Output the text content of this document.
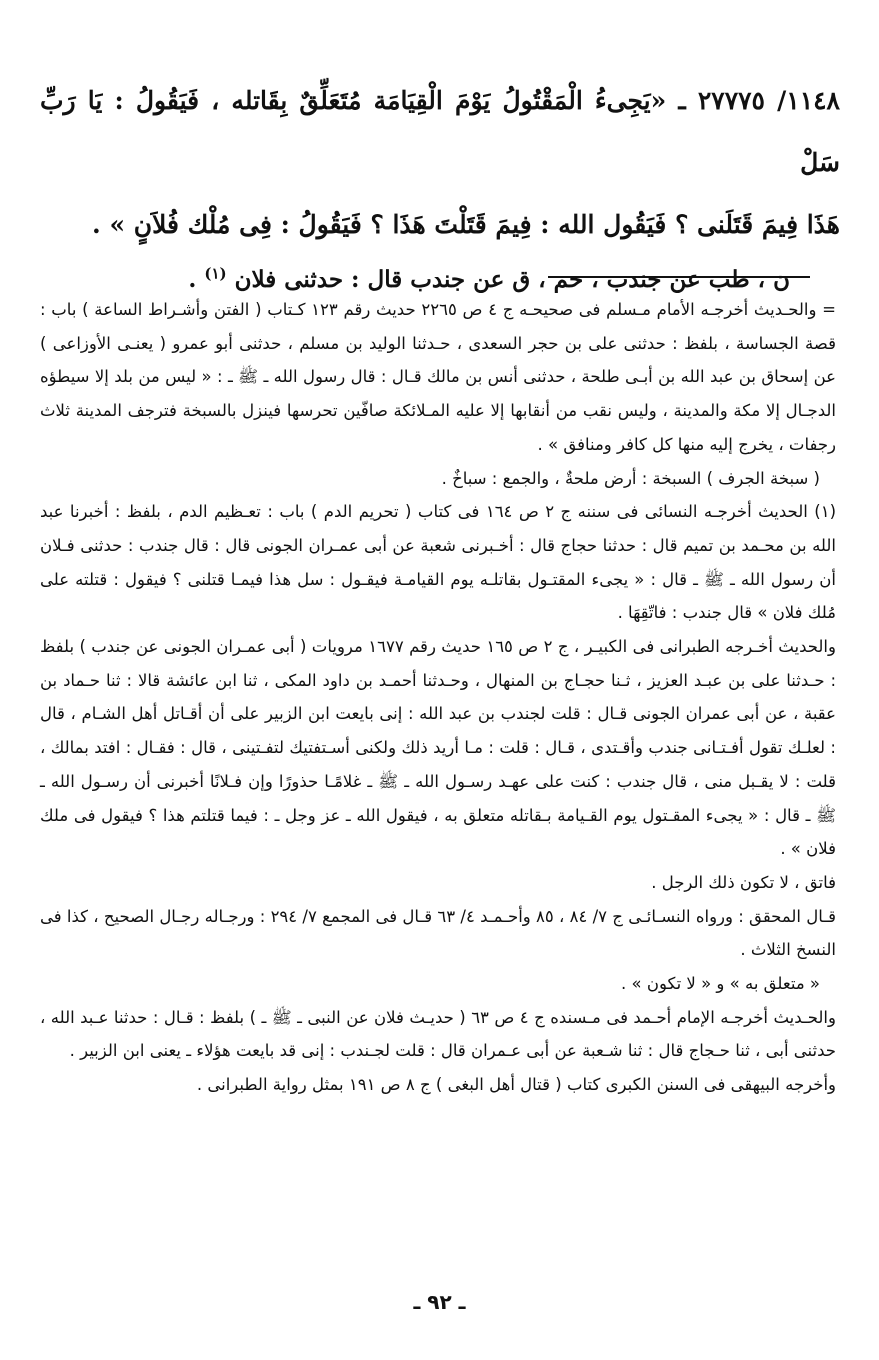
١١٤٨/ ٢٧٧٧٥ ـ «يَجِىءُ الْمَقْتُولُ يَوْمَ الْقِيَامَة مُتَعَلِّقٌ بِقَاتله ، فَيَقُولُ : يَا رَبِّ سَلْ

هَذَا فِيمَ قَتَلَنى ؟ فَيَقُول الله : فِيمَ قَتَلْتَ هَذَا ؟ فَيَقُولُ : فِى مُلْك فُلاَنٍ » .

ن ، طب عن جندب ، حم ، ق عن جندب قال : حدثنى فلان $^{(١)}$ .

= والحـديث أخرجـه الأمام مـسلم فى صحيحـه ج ٤ ص ٢٢٦٥ حديث رقم ١٢٣ كـتاب ( الفتن وأشـراط الساعة ) باب : قصة الجساسة ، بلفظ : حدثنى على بن حجر السعدى ، حـدثنا الوليد بن مسلم ، حدثنى أبو عمرو ( يعنـى الأوزاعى ) عن إسحاق بن عبد الله بن أبـى طلحة ، حدثنى أنس بن مالك قـال : قال رسول الله ـ ﷺ ـ : « ليس من بلد إلا سيطؤه الدجـال إلا مكة والمدينة ، وليس نقب من أنقابها إلا عليه المـلائكة صافّين تحرسها فينزل بالسبخة فترجف المدينة ثلاث رجفات ، يخرج إليه منها كل كافر ومنافق » .

( سبخة الجرف ) السبخة : أرض ملحةٌ ، والجمع : سباخٌ .

(١) الحديث أخرجـه النسائى فى سننه ج ٢ ص ١٦٤ فى كتاب ( تحريم الدم ) باب : تعـظيم الدم ، بلفظ : أخبرنا عبد الله بن محـمد بن تميم قال : حدثنا حجاج قال : أخـبرنى شعبة عن أبى عمـران الجونى قال : قال جندب : حدثنى فـلان أن رسول الله ـ ﷺ ـ قال : « يجىء المقتـول بقاتلـه يوم القيامـة فيقـول : سل هذا فيمـا قتلنى ؟ فيقول : قتلته على مُلك فلان » قال جندب : فاتّقِهَا .

والحديث أخـرجه الطبرانى فى الكبيـر ، ج ٢ ص ١٦٥ حديث رقم ١٦٧٧ مرويات ( أبى عمـران الجونى عن جندب ) بلفظ : حـدثنا على بن عبـد العزيز ، ثـنا حجـاج بن المنهال ، وحـدثنا أحمـد بن داود المكى ، ثنا ابن عائشة قالا : ثنا حـماد بن عقبة ، عن أبى عمران الجونى قـال : قلت لجندب بن عبد الله : إنى بايعت ابن الزبير على أن أقـاتل أهل الشـام ، قال : لعلـك تقول أفـتـانى جندب وأقـتدى ، قـال : قلت : مـا أريد ذلك ولكنى أسـتفتيك لتفـتينى ، قال : فقـال : افتد بمالك ، قلت : لا يقـبل منى ، قال جندب : كنت على عهـد رسـول الله ـ ﷺ ـ غلامًـا حذورًا وإن فـلانًا أخبرنى أن رسـول الله ـ ﷺ ـ قال : « يجىء المقـتول يوم القـيامة بـقاتله متعلق به ، فيقول الله ـ عز وجل ـ : فيما قتلتم هذا ؟ فيقول فى ملك فلان » .

فاتق ، لا تكون ذلك الرجل .

قـال المحقق : ورواه النسـائـى ج ٧/ ٨٤ ، ٨٥ وأحـمـد ٤/ ٦٣ قـال فى المجمع ٧/ ٢٩٤ : ورجـاله رجـال الصحيح ، كذا فى النسخ الثلاث .

« متعلق به » و « لا تكون » .

والحـديث أخرجـه الإمام أحـمد فى مـسنده ج ٤ ص ٦٣ ( حديـث فلان عن النبى ـ ﷺ ـ ) بلفظ : قـال : حدثنا عـبد الله ، حدثنى أبى ، ثنا حـجاج قال : ثنا شـعبة عن أبى عـمران قال : قلت لجـندب : إنى قد بايعت هؤلاء ـ يعنى ابن الزبير .

وأخرجه البيهقى فى السنن الكبرى كتاب ( قتال أهل البغى ) ج ٨ ص ١٩١ بمثل رواية الطبرانى .

ـ ٩٢ ـ
